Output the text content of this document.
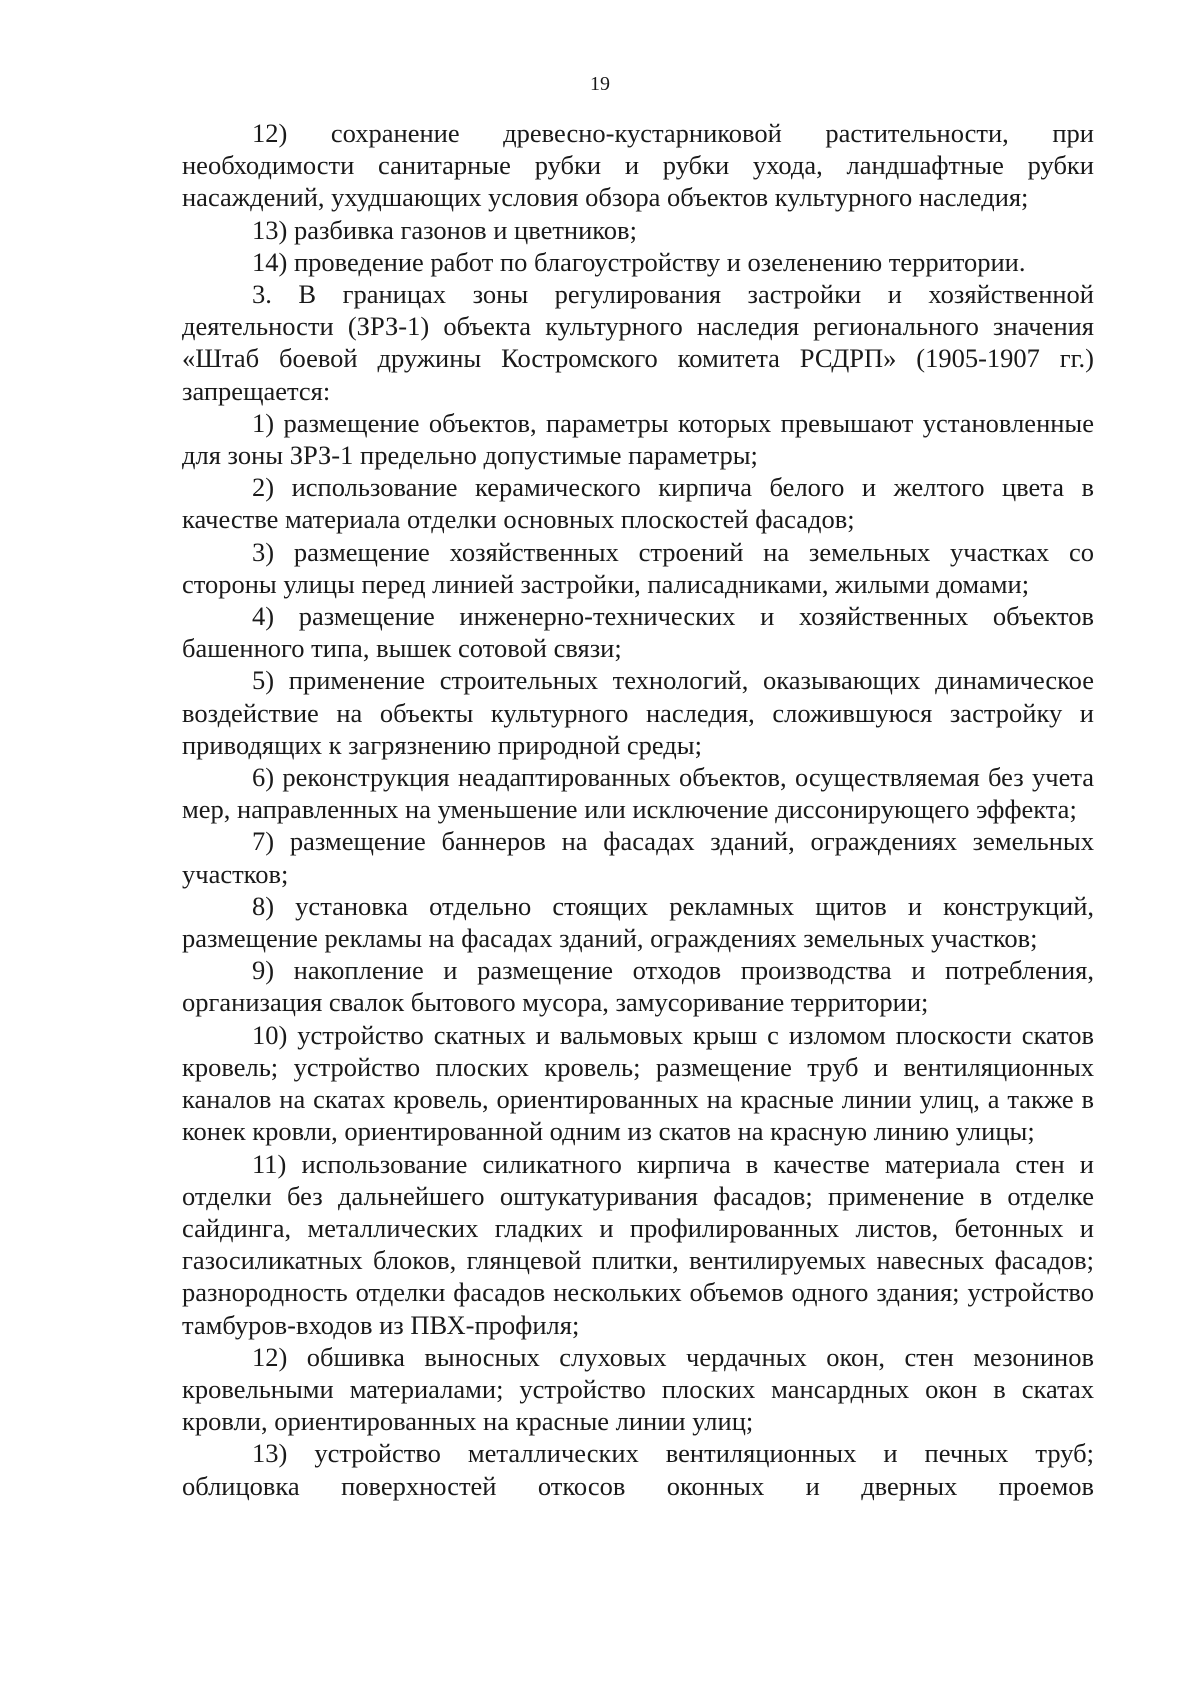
19

12) сохранение древесно-кустарниковой растительности, при необходимости санитарные рубки и рубки ухода, ландшафтные рубки насаждений, ухудшающих условия обзора объектов культурного наследия;

13) разбивка газонов и цветников;

14) проведение работ по благоустройству и озеленению территории.

3. В границах зоны регулирования застройки и хозяйственной деятельности (ЗРЗ-1) объекта культурного наследия регионального значения «Штаб боевой дружины Костромского комитета РСДРП» (1905-1907 гг.) запрещается:

1) размещение объектов, параметры которых превышают установленные для зоны ЗРЗ-1 предельно допустимые параметры;

2) использование керамического кирпича белого и желтого цвета в качестве материала отделки основных плоскостей фасадов;

3) размещение хозяйственных строений на земельных участках со стороны улицы перед линией застройки, палисадниками, жилыми домами;

4) размещение инженерно-технических и хозяйственных объектов башенного типа, вышек сотовой связи;

5) применение строительных технологий, оказывающих динамическое воздействие на объекты культурного наследия, сложившуюся застройку и приводящих к загрязнению природной среды;

6) реконструкция неадаптированных объектов, осуществляемая без учета мер, направленных на уменьшение или исключение диссонирующего эффекта;

7) размещение баннеров на фасадах зданий, ограждениях земельных участков;

8) установка отдельно стоящих рекламных щитов и конструкций, размещение рекламы на фасадах зданий, ограждениях земельных участков;

9) накопление и размещение отходов производства и потребления, организация свалок бытового мусора, замусоривание территории;

10) устройство скатных и вальмовых крыш с изломом плоскости скатов кровель; устройство плоских кровель; размещение труб и вентиляционных каналов на скатах кровель, ориентированных на красные линии улиц, а также в конек кровли, ориентированной одним из скатов на красную линию улицы;

11) использование силикатного кирпича в качестве материала стен и отделки без дальнейшего оштукатуривания фасадов; применение в отделке сайдинга, металлических гладких и профилированных листов, бетонных и газосиликатных блоков, глянцевой плитки, вентилируемых навесных фасадов; разнородность отделки фасадов нескольких объемов одного здания; устройство тамбуров-входов из ПВХ-профиля;

12) обшивка выносных слуховых чердачных окон, стен мезонинов кровельными материалами; устройство плоских мансардных окон в скатах кровли, ориентированных на красные линии улиц;

13) устройство металлических вентиляционных и печных труб; облицовка поверхностей откосов оконных и дверных проемов
